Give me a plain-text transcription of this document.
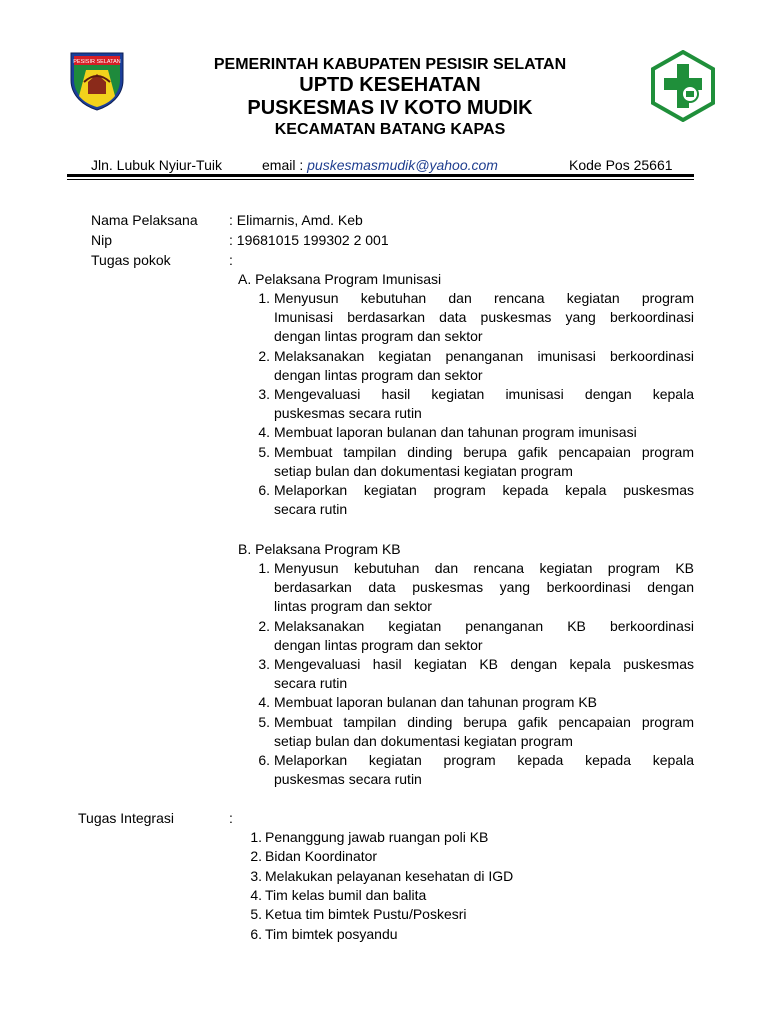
PESISIR SELATAN	PEMERINTAH KABUPATEN PESISIR SELATAN
UPTD KESEHATAN
PUSKESMAS IV KOTO MUDIK
KECAMATAN BATANG KAPAS
Jln. Lubuk Nyiur-Tuik	email : puskesmasmudik@yahoo.com	Kode Pos 25661
Nama Pelaksana : Elimarnis, Amd. Keb
Nip	: 19681015 199302 2 001
Tugas pokok	:
A. Pelaksana Program Imunisasi
1. Menyusun kebutuhan dan rencana kegiatan program
Imunisasi berdasarkan data puskesmas yang berkoordinasi
dengan lintas program dan sektor
2. Melaksanakan kegiatan penanganan imunisasi berkoordinasi
dengan lintas program dan sektor
3. Mengevaluasi hasil kegiatan imunisasi dengan kepala
puskesmas secara rutin
4. Membuat laporan bulanan dan tahunan program imunisasi
5. Membuat tampilan dinding berupa gafik pencapaian program
setiap bulan dan dokumentasi kegiatan program
6. Melaporkan kegiatan program kepada kepala puskesmas
secara rutin
B. Pelaksana Program KB
1. Menyusun kebutuhan dan rencana kegiatan program KB
berdasarkan data puskesmas yang berkoordinasi dengan
lintas program dan sektor
2. Melaksanakan kegiatan penanganan KB berkoordinasi
dengan lintas program dan sektor
3. Mengevaluasi hasil kegiatan KB dengan kepala puskesmas
secara rutin
4. Membuat laporan bulanan dan tahunan program KB
5. Membuat tampilan dinding berupa gafik pencapaian program
setiap bulan dan dokumentasi kegiatan program
6. Melaporkan kegiatan program kepada kepada kepala
puskesmas secara rutin
Tugas Integrasi	:
1. Penanggung jawab ruangan poli KB
2. Bidan Koordinator
3. Melakukan pelayanan kesehatan di IGD
4. Tim kelas bumil dan balita
5. Ketua tim bimtek Pustu/Poskesri
6. Tim bimtek posyandu
